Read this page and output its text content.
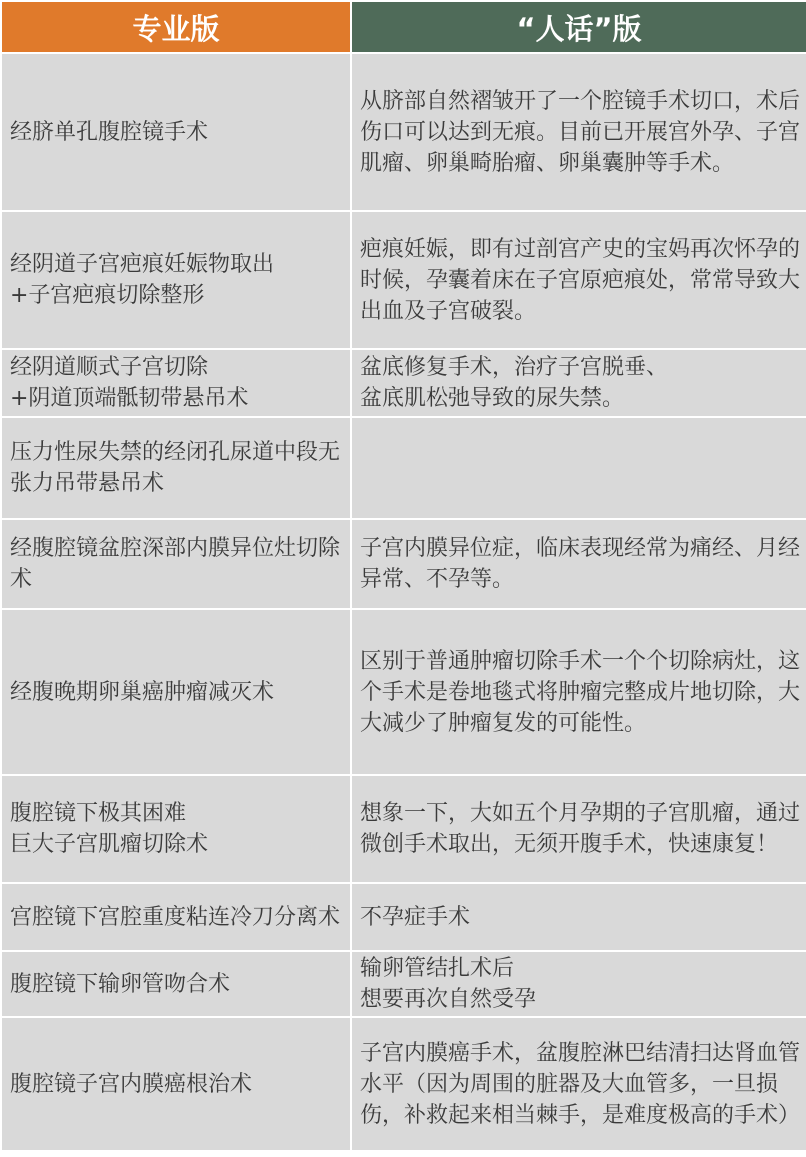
专业版	“人话”版

经脐单孔腹腔镜手术	从脐部自然褶皱开了一个腔镜手术切口，术后伤口可以达到无痕。目前已开展宫外孕、子宫肌瘤、卵巢畸胎瘤、卵巢囊肿等手术。

经阴道子宫疤痕妊娠物取出
+子宫疤痕切除整形	疤痕妊娠，即有过剖宫产史的宝妈再次怀孕的时候，孕囊着床在子宫原疤痕处，常常导致大出血及子宫破裂。

经阴道顺式子宫切除
+阴道顶端骶韧带悬吊术	盆底修复手术，治疗子宫脱垂、
盆底肌松弛导致的尿失禁。

压力性尿失禁的经闭孔尿道中段无张力吊带悬吊术	

经腹腔镜盆腔深部内膜异位灶切除术	子宫内膜异位症，临床表现经常为痛经、月经异常、不孕等。

经腹晚期卵巢癌肿瘤减灭术	区别于普通肿瘤切除手术一个个切除病灶，这个手术是卷地毯式将肿瘤完整成片地切除，大大减少了肿瘤复发的可能性。

腹腔镜下极其困难
巨大子宫肌瘤切除术	想象一下，大如五个月孕期的子宫肌瘤，通过微创手术取出，无须开腹手术，快速康复！

宫腔镜下宫腔重度粘连冷刀分离术	不孕症手术

腹腔镜下输卵管吻合术	输卵管结扎术后
想要再次自然受孕

腹腔镜子宫内膜癌根治术	子宫内膜癌手术，盆腹腔淋巴结清扫达肾血管水平（因为周围的脏器及大血管多，一旦损伤，补救起来相当棘手，是难度极高的手术）
